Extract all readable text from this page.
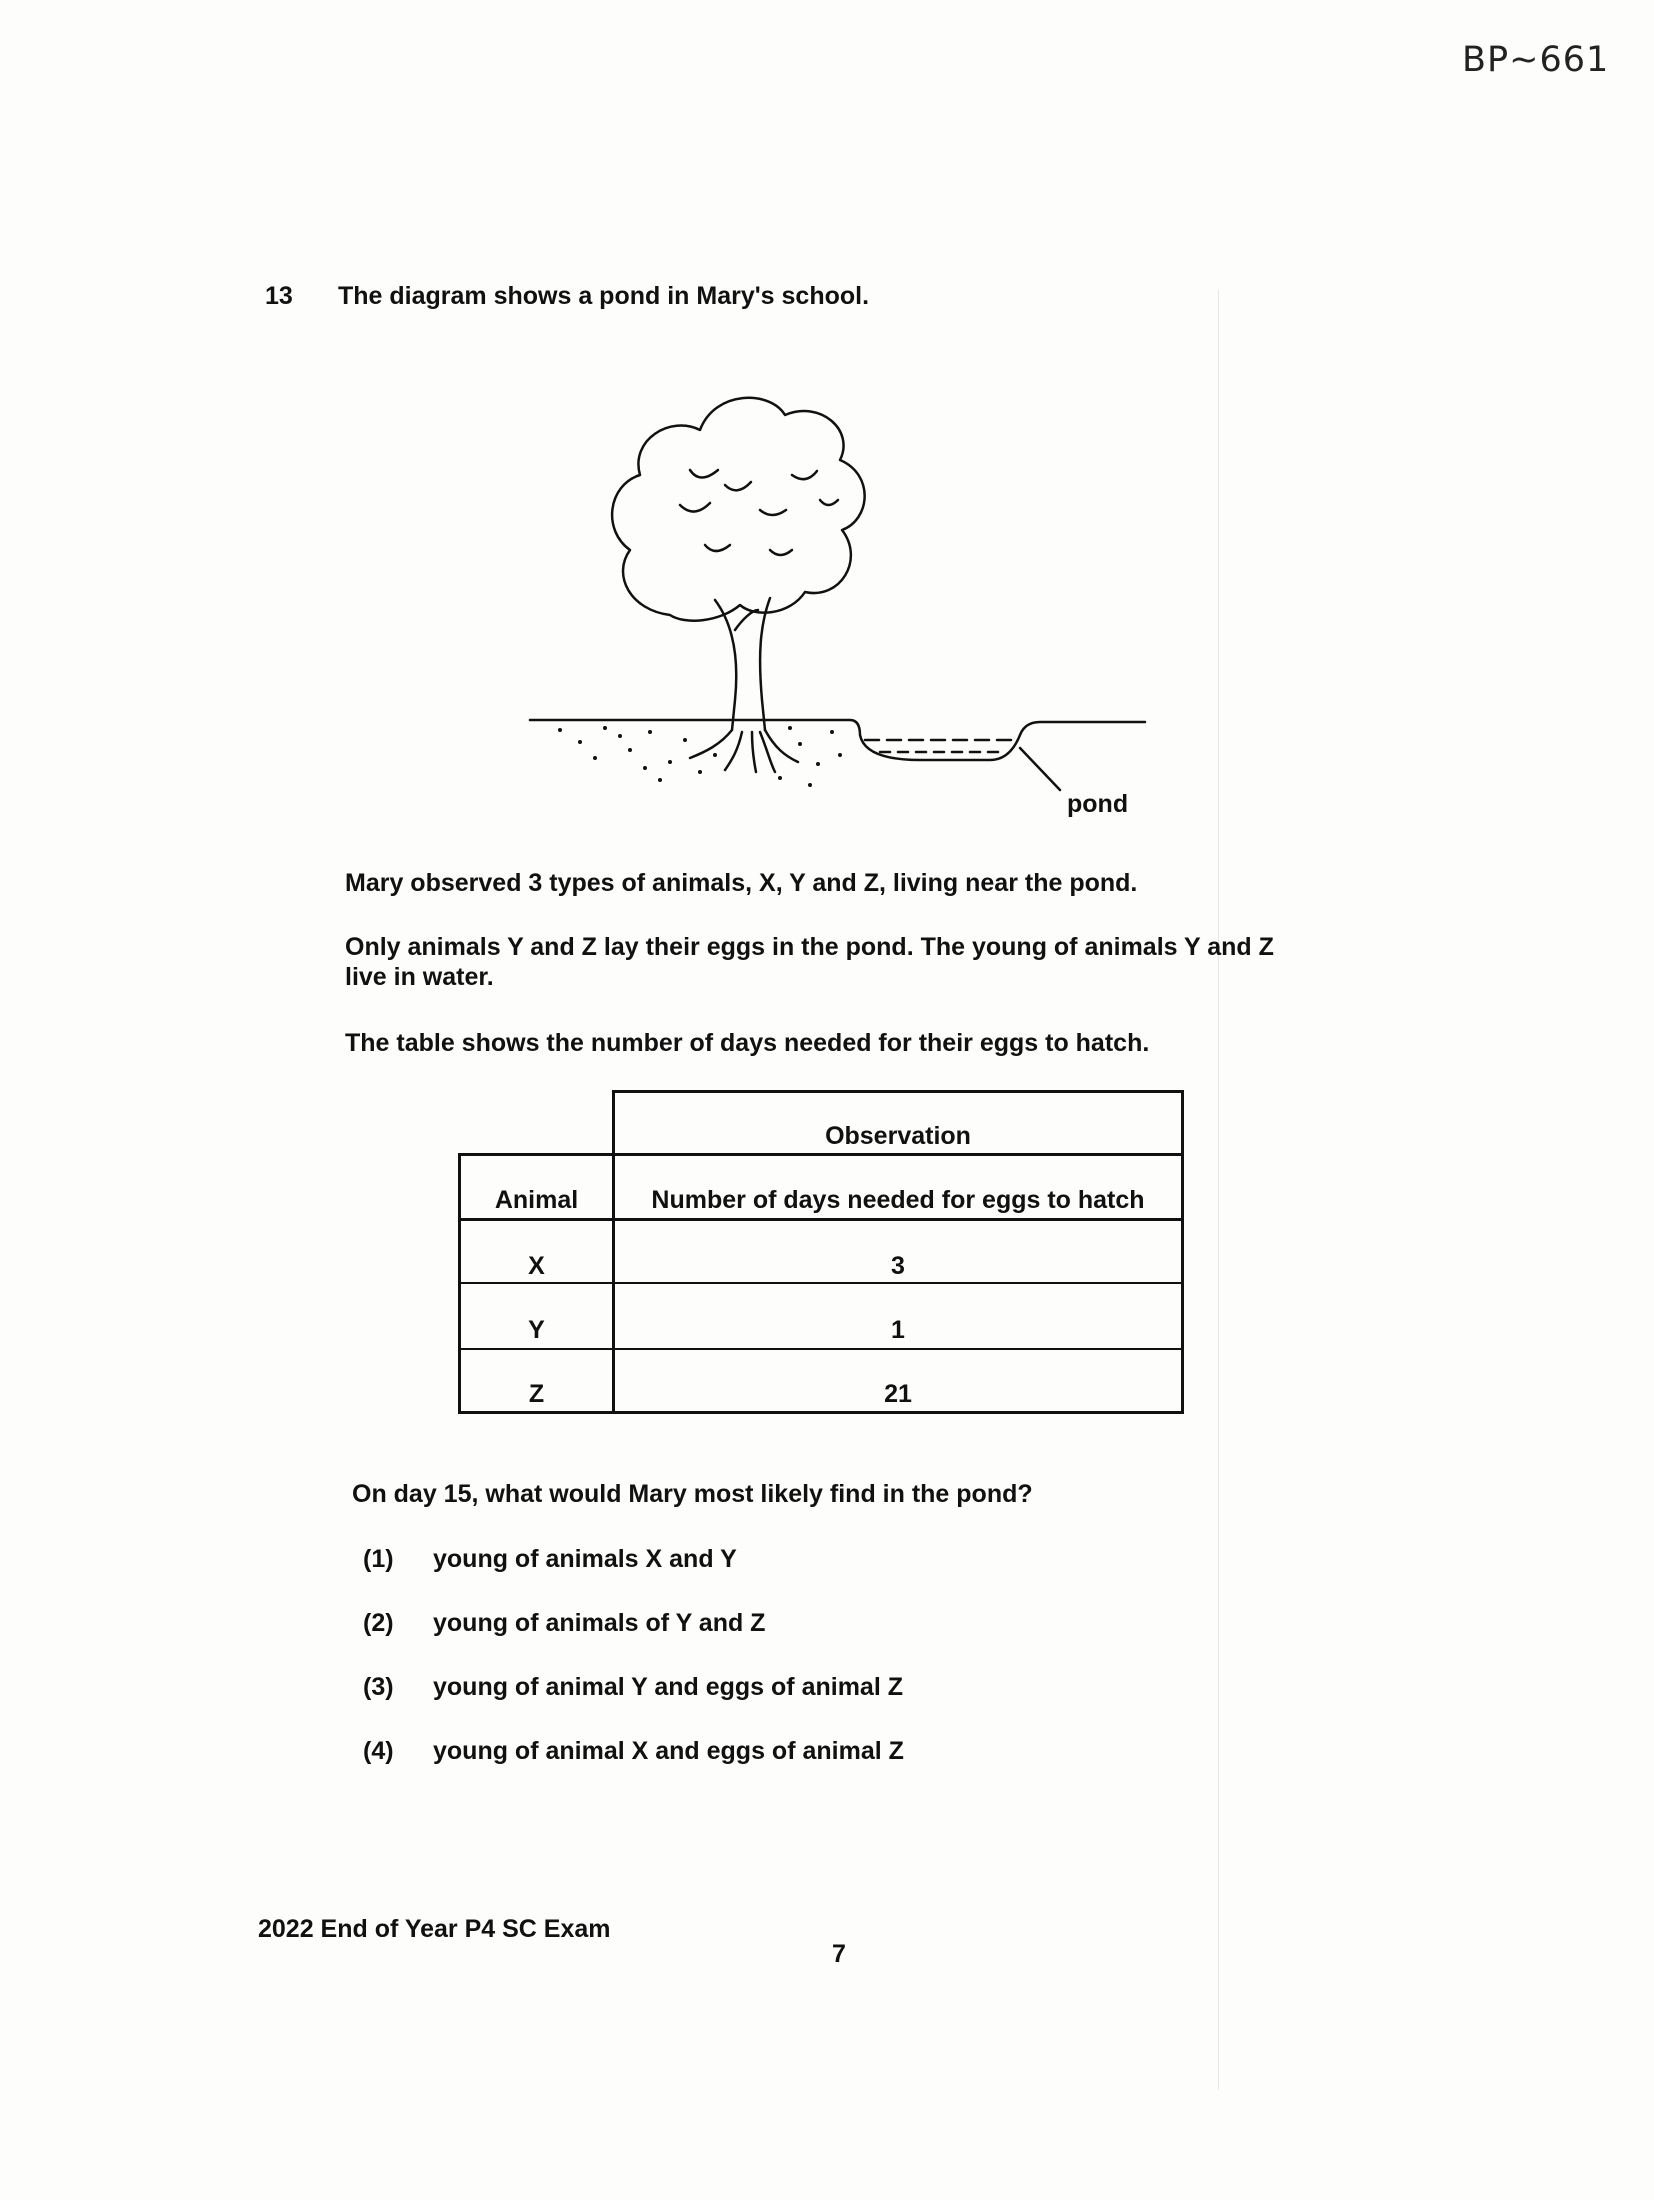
BP~661
13 The diagram shows a pond in Mary's school.
pond
Mary observed 3 types of animals, X, Y and Z, living near the pond.
Only animals Y and Z lay their eggs in the pond. The young of animals Y and Z live in water.
The table shows the number of days needed for their eggs to hatch.
Observation
Animal	Number of days needed for eggs to hatch
X	3
Y	1
Z	21
On day 15, what would Mary most likely find in the pond?
(1) young of animals X and Y
(2) young of animals of Y and Z
(3) young of animal Y and eggs of animal Z
(4) young of animal X and eggs of animal Z
2022 End of Year P4 SC Exam
7
